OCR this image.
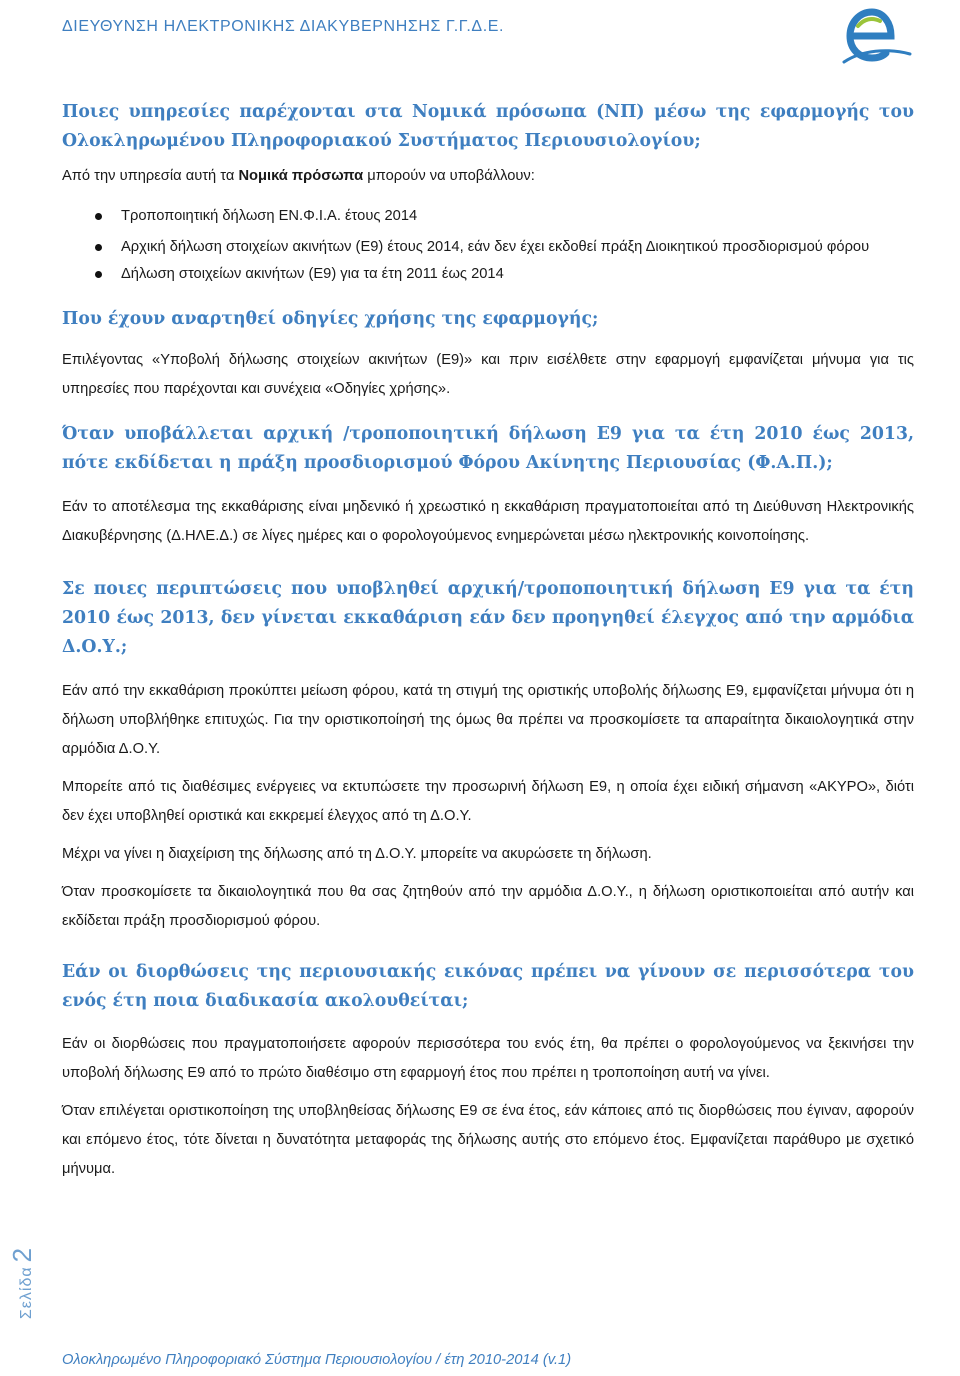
ΔΙΕΥΘΥΝΣΗ ΗΛΕΚΤΡΟΝΙΚΗΣ ΔΙΑΚΥΒΕΡΝΗΣΗΣ Γ.Γ.Δ.Ε.
Ποιες υπηρεσίες παρέχονται στα Νομικά πρόσωπα (ΝΠ) μέσω της εφαρμογής του Ολοκληρωμένου Πληροφοριακού Συστήματος Περιουσιολογίου;

Από την υπηρεσία αυτή τα Νομικά πρόσωπα μπορούν να υποβάλλουν:

Τροποποιητική δήλωση ΕΝ.Φ.Ι.Α. έτους 2014
Αρχική δήλωση στοιχείων ακινήτων (Ε9) έτους 2014, εάν δεν έχει εκδοθεί πράξη Διοικητικού προσδιορισμού φόρου
Δήλωση στοιχείων ακινήτων (Ε9) για τα έτη 2011 έως 2014
Που έχουν αναρτηθεί οδηγίες χρήσης της εφαρμογής;

Επιλέγοντας «Υποβολή δήλωσης στοιχείων ακινήτων (Ε9)» και πριν εισέλθετε στην εφαρμογή εμφανίζεται μήνυμα για τις υπηρεσίες που παρέχονται και συνέχεια «Οδηγίες χρήσης».

Όταν υποβάλλεται αρχική /τροποποιητική δήλωση Ε9 για τα έτη 2010 έως 2013, πότε εκδίδεται η πράξη προσδιορισμού Φόρου Ακίνητης Περιουσίας (Φ.Α.Π.);

Εάν το αποτέλεσμα της εκκαθάρισης είναι μηδενικό ή χρεωστικό η εκκαθάριση πραγματοποιείται από τη Διεύθυνση Ηλεκτρονικής Διακυβέρνησης (Δ.ΗΛΕ.Δ.) σε λίγες ημέρες και ο φορολογούμενος ενημερώνεται μέσω ηλεκτρονικής κοινοποίησης.

Σε ποιες περιπτώσεις που υποβληθεί αρχική/τροποποιητική δήλωση Ε9 για τα έτη 2010 έως 2013, δεν γίνεται εκκαθάριση εάν δεν προηγηθεί έλεγχος από την αρμόδια Δ.Ο.Υ.;

Εάν από την εκκαθάριση προκύπτει μείωση φόρου, κατά τη στιγμή της οριστικής υποβολής δήλωσης Ε9, εμφανίζεται μήνυμα ότι η δήλωση υποβλήθηκε επιτυχώς. Για την οριστικοποίησή της όμως θα πρέπει να προσκομίσετε τα απαραίτητα δικαιολογητικά στην αρμόδια Δ.Ο.Υ.

Μπορείτε από τις διαθέσιμες ενέργειες να εκτυπώσετε την προσωρινή δήλωση Ε9, η οποία έχει ειδική σήμανση «ΑΚΥΡΟ», διότι δεν έχει υποβληθεί οριστικά και εκκρεμεί έλεγχος από τη Δ.Ο.Υ.

Μέχρι να γίνει η διαχείριση της δήλωσης από τη Δ.Ο.Υ. μπορείτε να ακυρώσετε τη δήλωση.

Όταν προσκομίσετε τα δικαιολογητικά που θα σας ζητηθούν από την αρμόδια Δ.Ο.Υ., η δήλωση οριστικοποιείται από αυτήν και εκδίδεται πράξη προσδιορισμού φόρου.

Εάν οι διορθώσεις της περιουσιακής εικόνας πρέπει να γίνουν σε περισσότερα του ενός έτη ποια διαδικασία ακολουθείται;

Εάν οι διορθώσεις που πραγματοποιήσετε αφορούν περισσότερα του ενός έτη, θα πρέπει ο φορολογούμενος να ξεκινήσει την υποβολή δήλωσης Ε9 από το πρώτο διαθέσιμο στη εφαρμογή έτος που πρέπει η τροποποίηση αυτή να γίνει.

Όταν επιλέγεται οριστικοποίηση της υποβληθείσας δήλωσης Ε9 σε ένα έτος, εάν κάποιες από τις διορθώσεις που έγιναν, αφορούν και επόμενο έτος, τότε δίνεται η δυνατότητα μεταφοράς της δήλωσης αυτής στο επόμενο έτος. Εμφανίζεται παράθυρο με σχετικό μήνυμα.

Σελίδα2
Ολοκληρωμένο Πληροφοριακό Σύστημα Περιουσιολογίου / έτη 2010-2014 (v.1)
